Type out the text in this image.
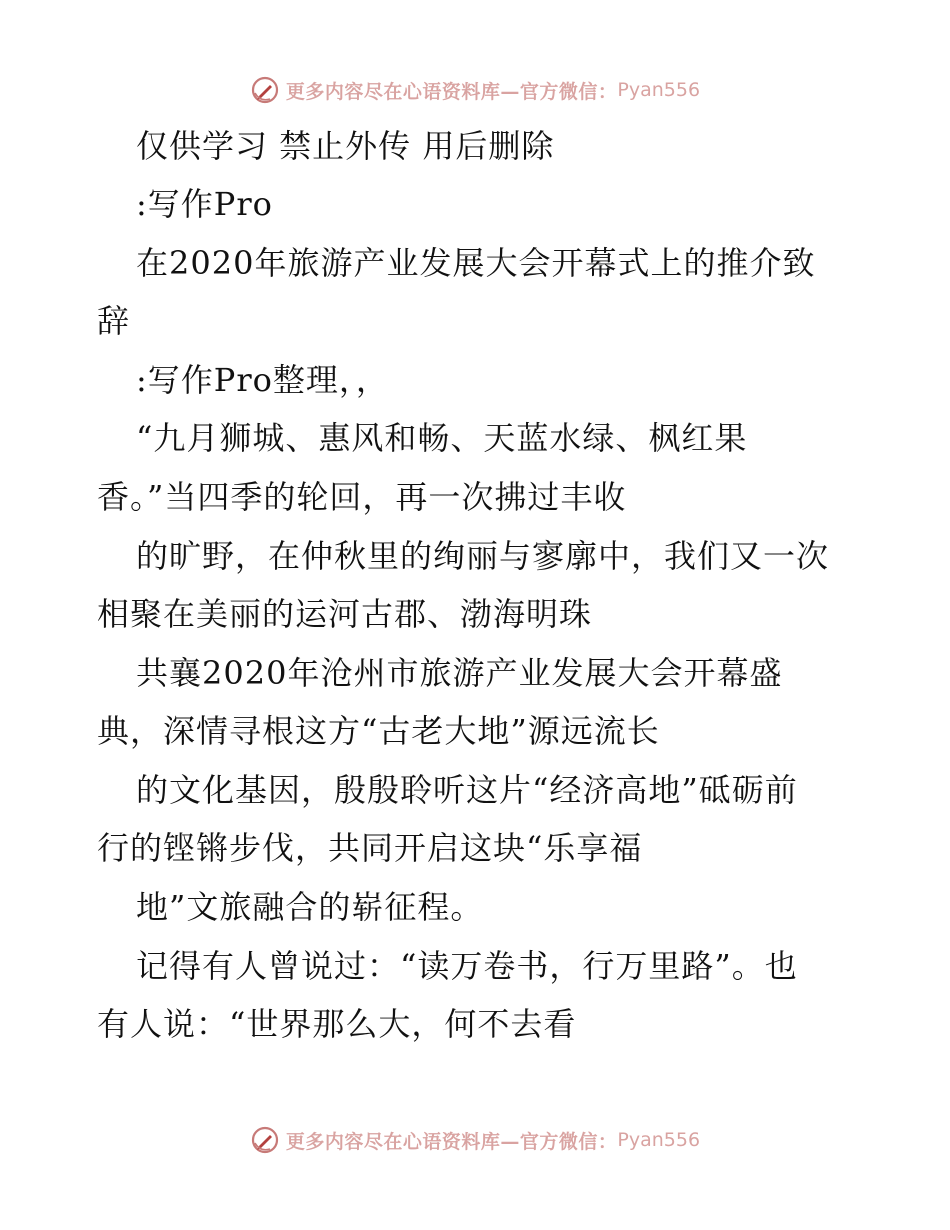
更多内容尽在心语资料库—官方微信： Pyan556
仅供学习 禁止外传 用后删除
:写作Pro
在2020年旅游产业发展大会开幕式上的推介致
辞
:写作Pro整理，，
“九月狮城、惠风和畅、天蓝水绿、枫红果
香。”当四季的轮回，再一次拂过丰收
的旷野，在仲秋里的绚丽与寥廓中，我们又一次
相聚在美丽的运河古郡、渤海明珠
共襄2020年沧州市旅游产业发展大会开幕盛
典，深情寻根这方“古老大地”源远流长
的文化基因，殷殷聆听这片“经济高地”砥砺前
行的铿锵步伐，共同开启这块“乐享福
地”文旅融合的崭征程。
记得有人曾说过：“读万卷书，行万里路”。也
有人说：“世界那么大，何不去看
更多内容尽在心语资料库—官方微信： Pyan556
